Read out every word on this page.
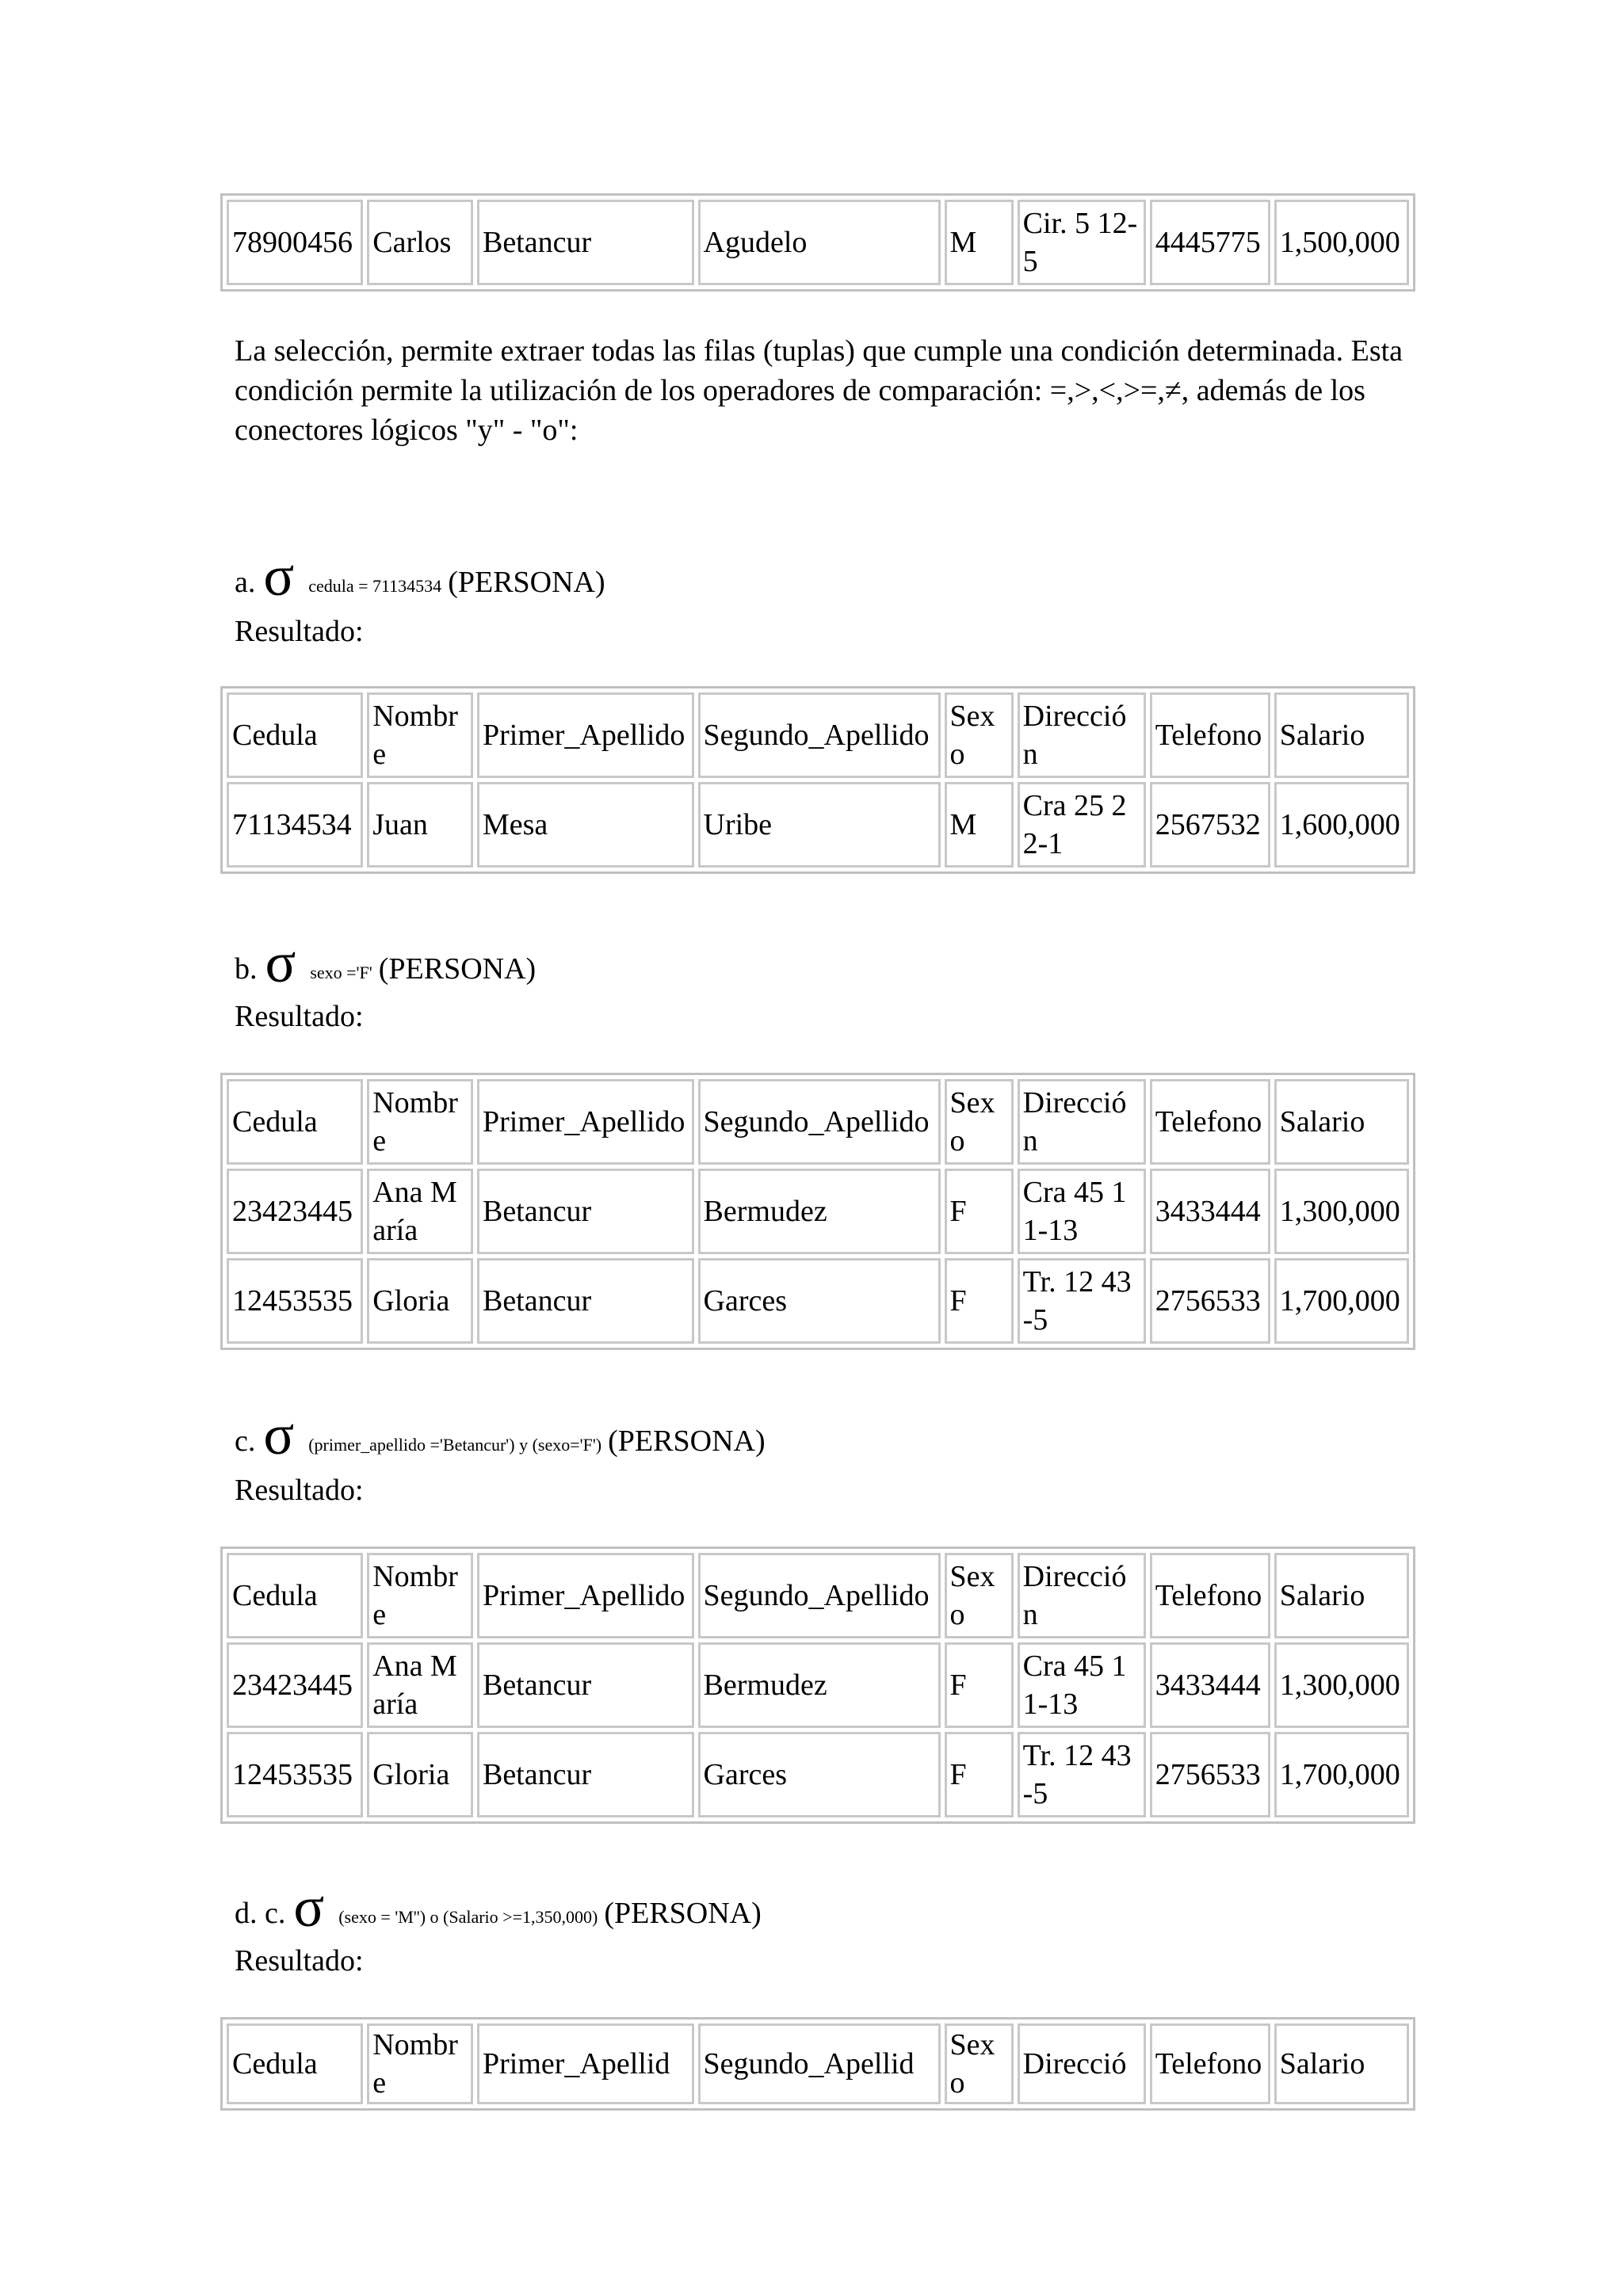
78900456	Carlos	Betancur	Agudelo	M	Cir. 5 12-5	4445775	1,500,000
La selección, permite extraer todas las filas (tuplas) que cumple una condición determinada. Esta condición permite la utilización de los operadores de comparación: =,>,<,>=,≠, además de los conectores lógicos "y" - "o":
a. σ cedula = 71134534 (PERSONA)
Resultado:
Cedula	Nombre	Primer_Apellido	Segundo_Apellido	Sexo	Dirección	Telefono	Salario
71134534	Juan	Mesa	Uribe	M	Cra 25 22-1	2567532	1,600,000
b. σ sexo ='F' (PERSONA)
Resultado:
Cedula	Nombre	Primer_Apellido	Segundo_Apellido	Sexo	Dirección	Telefono	Salario
23423445	Ana María	Betancur	Bermudez	F	Cra 45 11-13	3433444	1,300,000
12453535	Gloria	Betancur	Garces	F	Tr. 12 43-5	2756533	1,700,000
c. σ (primer_apellido ='Betancur') y (sexo='F') (PERSONA)
Resultado:
Cedula	Nombre	Primer_Apellido	Segundo_Apellido	Sexo	Dirección	Telefono	Salario
23423445	Ana María	Betancur	Bermudez	F	Cra 45 11-13	3433444	1,300,000
12453535	Gloria	Betancur	Garces	F	Tr. 12 43-5	2756533	1,700,000
d. c. σ (sexo = 'M'') o (Salario >=1,350,000) (PERSONA)
Resultado:
Cedula	Nombre	Primer_Apellid	Segundo_Apellid	Sexo	Direcció	Telefono	Salario
